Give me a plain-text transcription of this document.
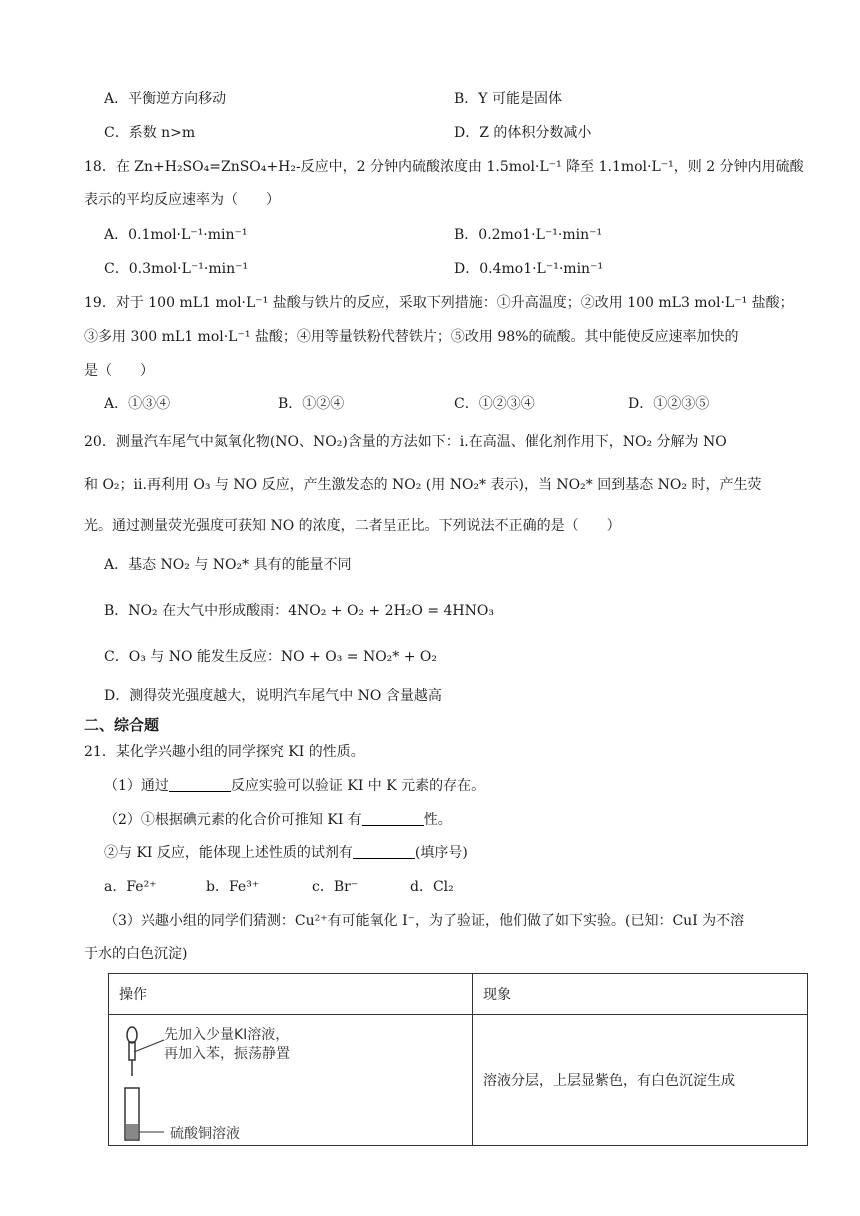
A．平衡逆方向移动	B．Y 可能是固体
C．系数 n>m	D．Z 的体积分数减小
18．在 Zn+H₂SO₄=ZnSO₄+H₂-反应中，2 分钟内硫酸浓度由 1.5mol·L⁻¹ 降至 1.1mol·L⁻¹，则 2 分钟内用硫酸
表示的平均反应速率为（　　）
A．0.1mol·L⁻¹·min⁻¹	B．0.2mo1·L⁻¹·min⁻¹
C．0.3mol·L⁻¹·min⁻¹	D．0.4mo1·L⁻¹·min⁻¹
19．对于 100 mL1 mol·L⁻¹ 盐酸与铁片的反应，采取下列措施：①升高温度；②改用 100 mL3 mol·L⁻¹ 盐酸；
③多用 300 mL1 mol·L⁻¹ 盐酸；④用等量铁粉代替铁片；⑤改用 98%的硫酸。其中能使反应速率加快的
是（　　）
A．①③④	B．①②④	C．①②③④	D．①②③⑤
20．测量汽车尾气中氮氧化物(NO、NO₂)含量的方法如下：ⅰ.在高温、催化剂作用下，NO₂ 分解为 NO
和 O₂；ⅱ.再利用 O₃ 与 NO 反应，产生激发态的 NO₂ (用 NO₂* 表示)，当 NO₂* 回到基态 NO₂ 时，产生荧
光。通过测量荧光强度可获知 NO 的浓度，二者呈正比。下列说法不正确的是（　　）
A．基态 NO₂ 与 NO₂* 具有的能量不同
B．NO₂ 在大气中形成酸雨：4NO₂ + O₂ + 2H₂O = 4HNO₃
C．O₃ 与 NO 能发生反应：NO + O₃ = NO₂* + O₂
D．测得荧光强度越大，说明汽车尾气中 NO 含量越高
二、综合题
21．某化学兴趣小组的同学探究 KI 的性质。
（1）通过	反应实验可以验证 KI 中 K 元素的存在。
（2）①根据碘元素的化合价可推知 KI 有	性。
②与 KI 反应，能体现上述性质的试剂有	(填序号)
a．Fe²⁺	b．Fe³⁺	c．Br⁻	d．Cl₂
（3）兴趣小组的同学们猜测：Cu²⁺有可能氧化 I⁻，为了验证，他们做了如下实验。(已知：CuI 为不溶
于水的白色沉淀)
操作	现象

先加入少量KI溶液，
再加入苯，振荡静置
硫酸铜溶液	溶液分层，上层显紫色，有白色沉淀生成
